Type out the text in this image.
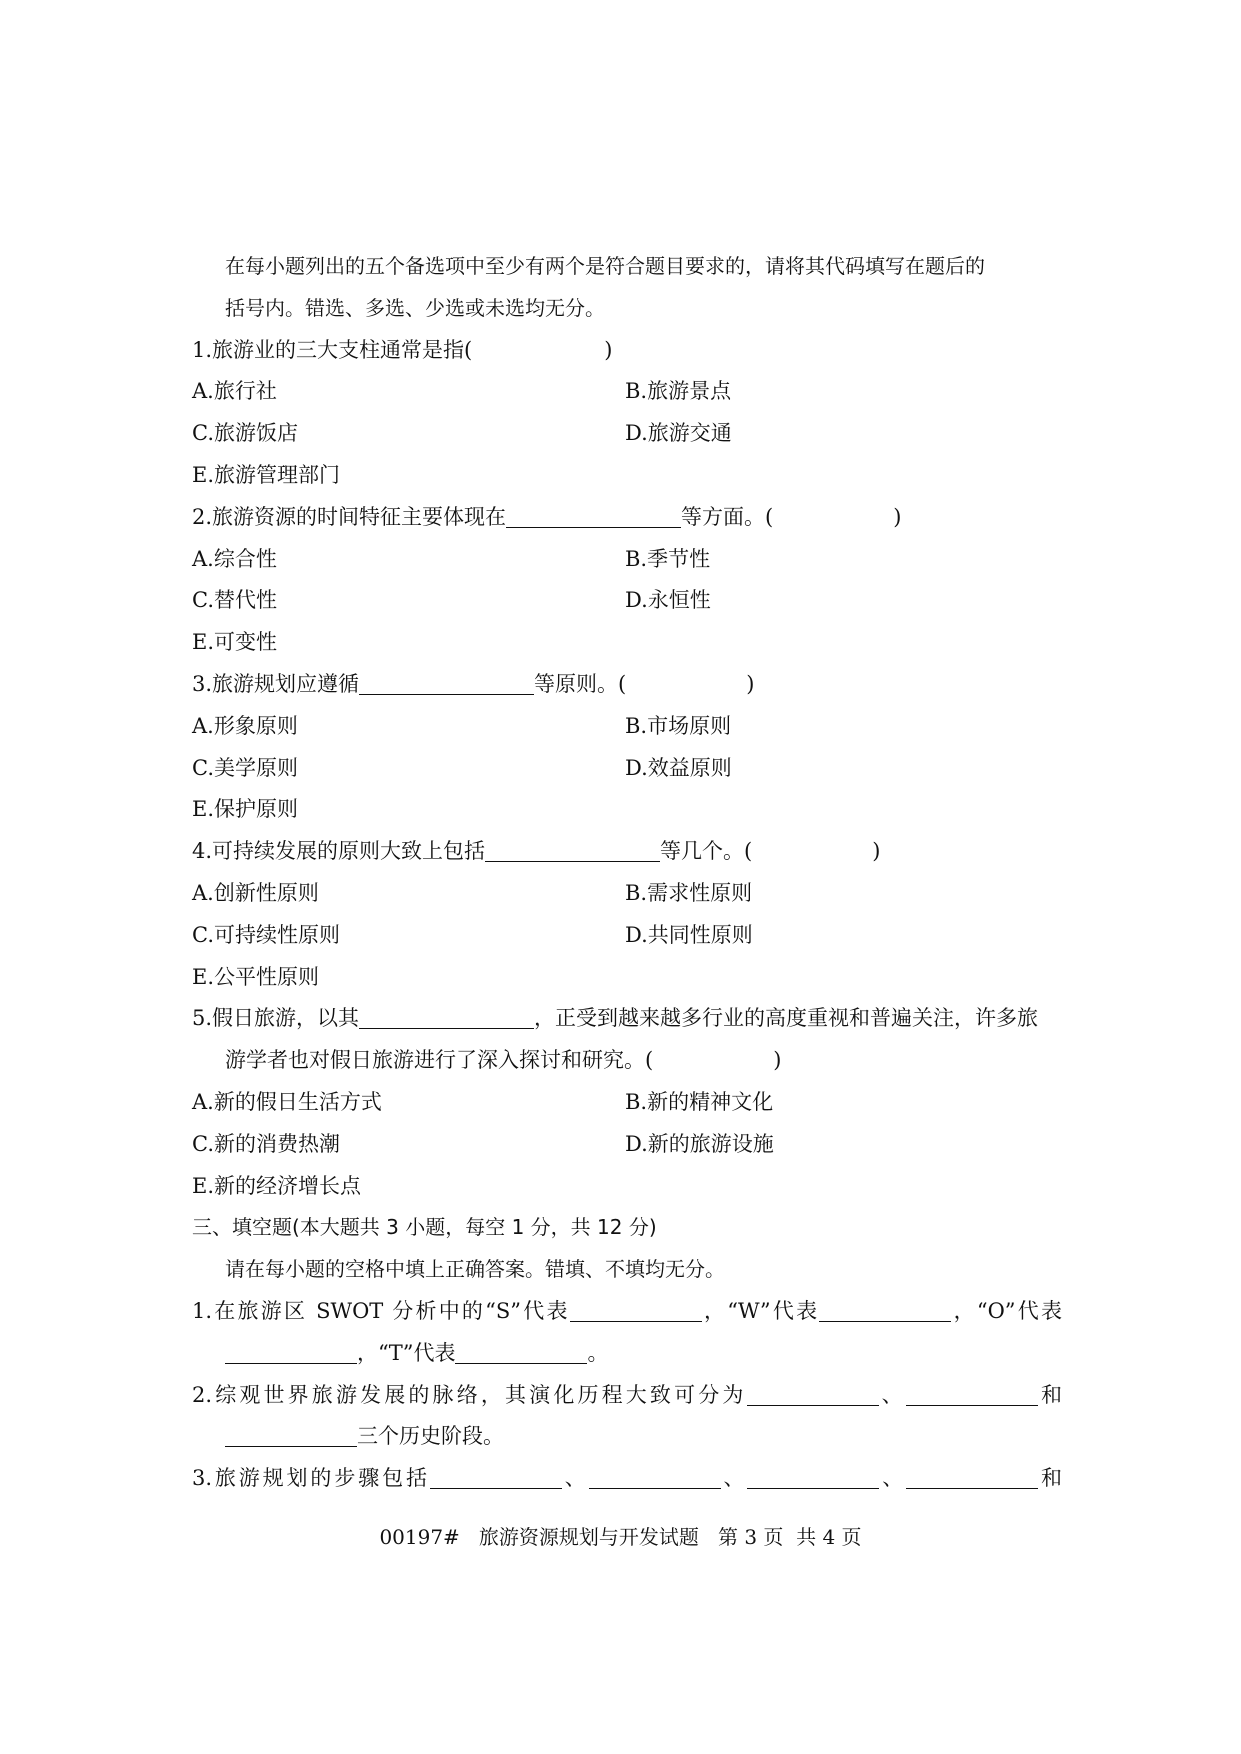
在每小题列出的五个备选项中至少有两个是符合题目要求的，请将其代码填写在题后的
括号内。错选、多选、少选或未选均无分。
1.旅游业的三大支柱通常是指(	)
A.旅行社	B.旅游景点
C.旅游饭店	D.旅游交通
E.旅游管理部门
2.旅游资源的时间特征主要体现在	等方面。(	)
A.综合性	B.季节性
C.替代性	D.永恒性
E.可变性
3.旅游规划应遵循	等原则。(	)
A.形象原则	B.市场原则
C.美学原则	D.效益原则
E.保护原则
4.可持续发展的原则大致上包括	等几个。(	)
A.创新性原则	B.需求性原则
C.可持续性原则	D.共同性原则
E.公平性原则
5.假日旅游，以其	，正受到越来越多行业的高度重视和普遍关注，许多旅
游学者也对假日旅游进行了深入探讨和研究。(	)
A.新的假日生活方式	B.新的精神文化
C.新的消费热潮	D.新的旅游设施
E.新的经济增长点
三、填空题(本大题共 3 小题，每空 1 分，共 12 分)
请在每小题的空格中填上正确答案。错填、不填均无分。
1.在旅游区 SWOT 分析中的“S”代表	，“W”代表	，“O”代表
，“T”代表	。
2.综观世界旅游发展的脉络，其演化历程大致可分为	、	和
三个历史阶段。
3.旅游规划的步骤包括	、	、	、	和
00197#   旅游资源规划与开发试题   第 3 页  共 4 页
